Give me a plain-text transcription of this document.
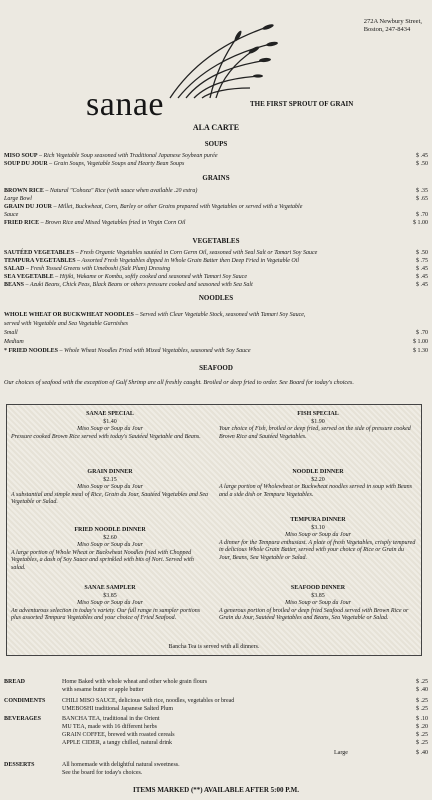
272A Newbury Street,
Boston, 247-8434
sanae	THE FIRST SPROUT OF GRAIN
ALA CARTE
SOUPS
MISO SOUP – Rich Vegetable Soup seasoned with Traditional Japanese Soybean purée	$ .45
SOUP DU JOUR – Grain Soups, Vegetable Soups and Hearty Bean Soups	$ .50
GRAINS
BROWN RICE – Natural "Cohoza" Rice (with sauce when available .20 extra)	$ .35
Large Bowl	$ .65
GRAIN DU JOUR – Millet, Buckwheat, Corn, Barley or other Grains prepared with Vegetables or served with a Vegetable
Sauce	$ .70
FRIED RICE – Brown Rice and Mixed Vegetables fried in Virgin Corn Oil	$ 1.00
VEGETABLES
SAUTÉED VEGETABLES – Fresh Organic Vegetables sautéed in Corn Germ Oil, seasoned with Seal Salt or Tamari Soy Sauce	$ .50
TEMPURA VEGETABLES – Assorted Fresh Vegetables dipped in Whole Grain Batter then Deep Fried in Vegetable Oil	$ .75
SALAD – Fresh Tossed Greens with Umeboshi (Salt Plum) Dressing	$ .45
SEA VEGETABLE – Hijiki, Wakame or Kombu, softly cooked and seasoned with Tamari Soy Sauce	$ .45
BEANS – Azuki Beans, Chick Peas, Black Beans or others pressure cooked and seasoned with Sea Salt	$ .45
NOODLES
WHOLE WHEAT OR BUCKWHEAT NOODLES – Served with Clear Vegetable Stock, seasoned with Tamari Soy Sauce,
served with Vegetable and Sea Vegetable Garnishes
Small	$ .70
Medium	$ 1.00
* FRIED NOODLES – Whole Wheat Noodles Fried with Mixed Vegetables, seasoned with Soy Sauce	$ 1.30
SEAFOOD
Our choices of seafood with the exception of Gulf Shrimp are all freshly caught. Broiled or deep fried to order. See Board for today's choices.
SANAE SPECIAL
$1.40
Miso Soup or Soup du Jour
Pressure cooked Brown Rice served with today's Sautéed Vegetable and Beans.
FISH SPECIAL
$1.90
Your choice of Fish, broiled or deep fried, served on the side of pressure cooked Brown Rice and Sautéed Vegetables.
GRAIN DINNER
$2.15
Miso Soup or Soup du Jour
A substantial and simple meal of Rice, Grain du Jour, Sautéed Vegetables and Sea Vegetable or Salad.
NOODLE DINNER
$2.20
A large portion of Wholewheat or Buckwheat noodles served in soup with Beans and a side dish or Tempura Vegetables.
FRIED NOODLE DINNER
$2.60
Miso Soup or Soup du Jour
A large portion of Whole Wheat or Buckwheat Noodles fried with Chopped Vegetables, a dash of Soy Sauce and sprinkled with bits of Nori. Served with salad.
TEMPURA DINNER
$3.10
Miso Soup or Soup du Jour
A dinner for the Tempura enthusiast. A plate of fresh Vegetables, crisply tempured in delicious Whole Grain Batter, served with your choice of Rice or Grain du Jour, Beans, Sea Vegetable or Salad.
SANAE SAMPLER
$3.85
Miso Soup or Soup du Jour
An adventurous selection in today's variety. Our full range in sampler portions plus assorted Tempura Vegetables and your choice of Fried Seafood.
SEAFOOD DINNER
$3.85
Miso Soup or Soup du Jour
A generous portion of broiled or deep fried Seafood served with Brown Rice or Grain du Jour, Sautéed Vegetables and Beans, Sea Vegetable or Salad.
Bancha Tea is served with all dinners.
BREAD	Home Baked with whole wheat and other whole grain flours	$ .25
with sesame butter or apple butter	$ .40
CONDIMENTS	CHILI MISO SAUCE, delicious with rice, noodles, vegetables or bread	$ .25
UMEBOSHI traditional Japanese Salted Plum	$ .25
BEVERAGES	BANCHA TEA, traditional in the Orient	$ .10
MU TEA, made with 16 different herbs	$ .20
GRAIN COFFEE, brewed with roasted cereals	$ .25
APPLE CIDER, a tangy chilled, natural drink	$ .25
Large	$ .40
DESSERTS	All homemade with delightful natural sweetness.
See the board for today's choices.
ITEMS MARKED (**) AVAILABLE AFTER 5:00 P.M.
